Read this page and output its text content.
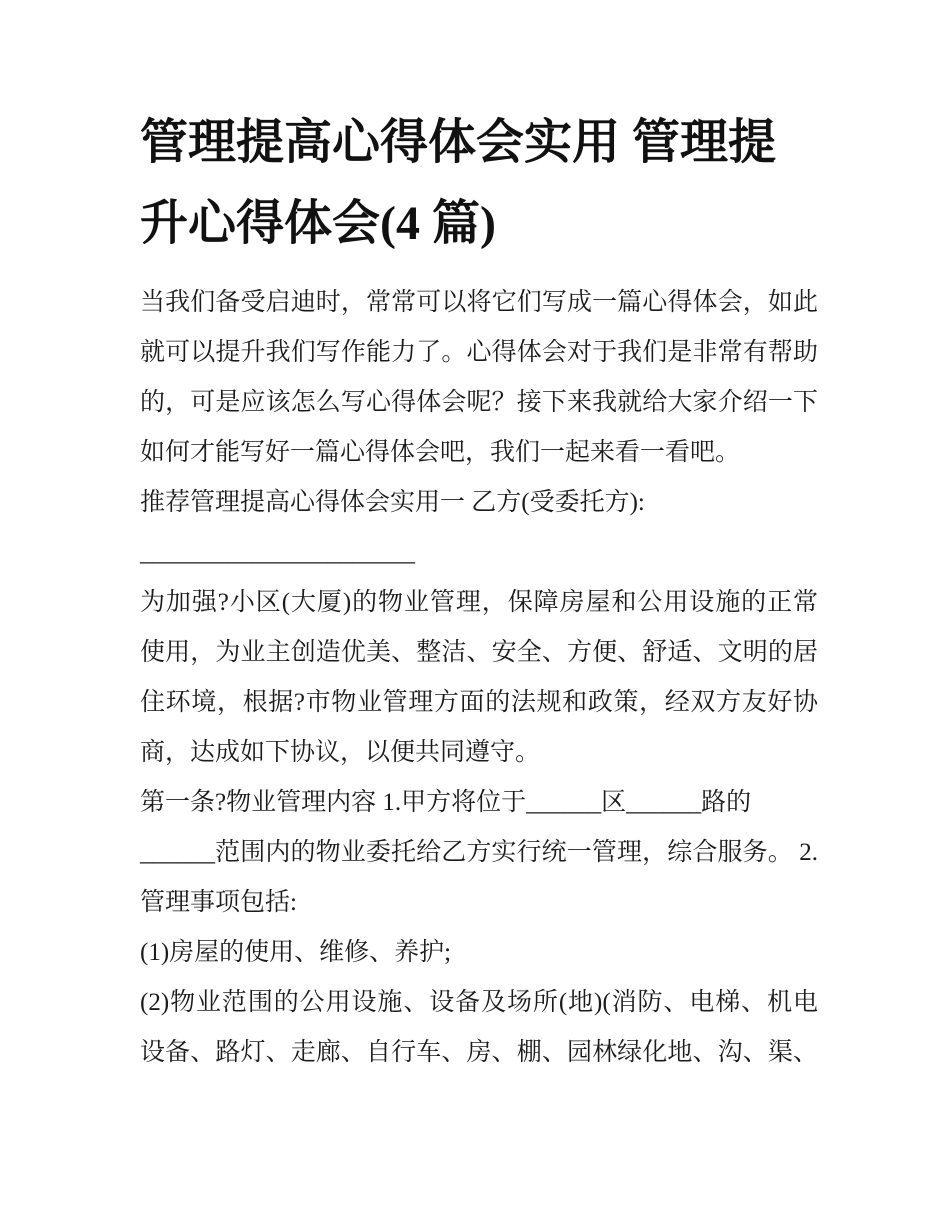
管理提高心得体会实用 管理提
升心得体会(4 篇)
当我们备受启迪时，常常可以将它们写成一篇心得体会，如此
就可以提升我们写作能力了。心得体会对于我们是非常有帮助
的，可是应该怎么写心得体会呢？接下来我就给大家介绍一下
如何才能写好一篇心得体会吧，我们一起来看一看吧。
推荐管理提高心得体会实用一 乙方(受委托方):
______________________
为加强?小区(大厦)的物业管理，保障房屋和公用设施的正常
使用，为业主创造优美、整洁、安全、方便、舒适、文明的居
住环境，根据?市物业管理方面的法规和政策，经双方友好协
商，达成如下协议，以便共同遵守。
第一条?物业管理内容 1.甲方将位于______区______路的
______范围内的物业委托给乙方实行统一管理，综合服务。 2.
管理事项包括:
(1)房屋的使用、维修、养护;
(2)物业范围的公用设施、设备及场所(地)(消防、电梯、机电
设备、路灯、走廊、自行车、房、棚、园林绿化地、沟、渠、
